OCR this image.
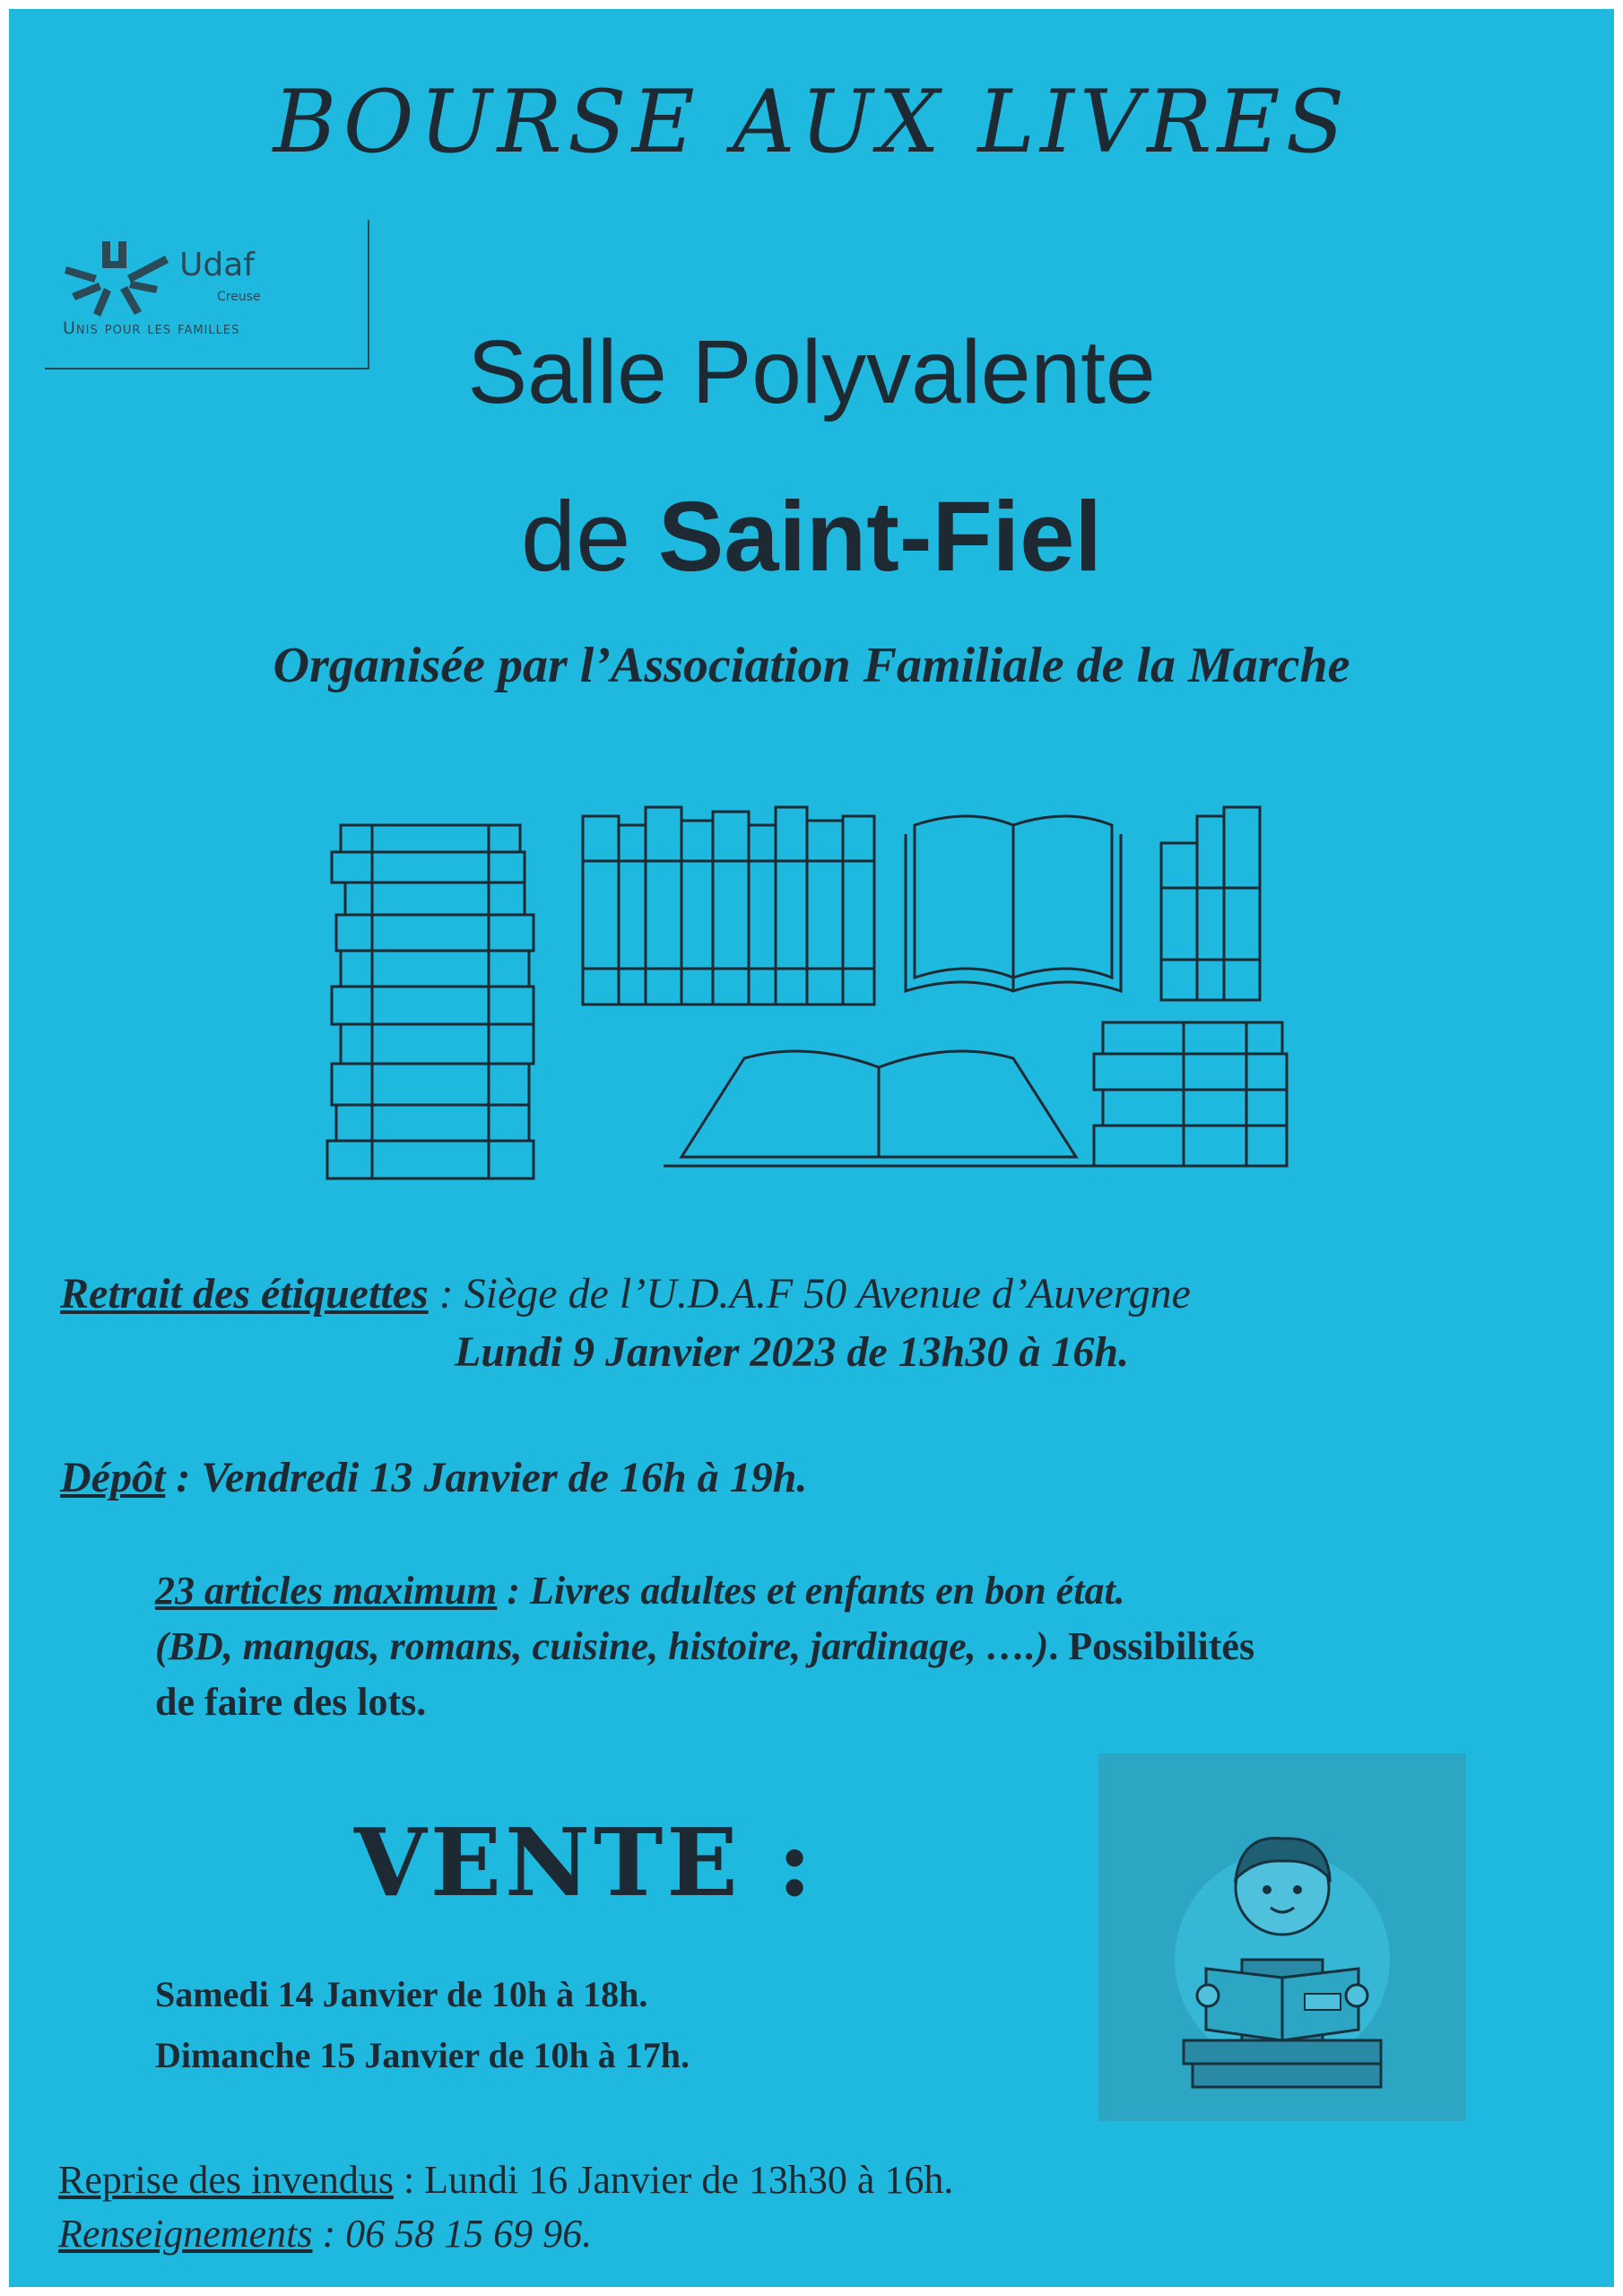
BOURSE AUX LIVRES
Udaf
Creuse
Unis pour les familles	Salle Polyvalente
de Saint-Fiel
Organisée par l’Association Familiale de la Marche
Retrait des étiquettes : Siège de l’U.D.A.F 50 Avenue d’Auvergne
Lundi 9 Janvier 2023 de 13h30 à 16h.
Dépôt : Vendredi 13 Janvier de 16h à 19h.
23 articles maximum : Livres adultes et enfants en bon état.
(BD, mangas, romans, cuisine, histoire, jardinage, ….). Possibilités
de faire des lots.
VENTE :
Samedi 14 Janvier de 10h à 18h.
Dimanche 15 Janvier de 10h à 17h.
Reprise des invendus : Lundi 16 Janvier de 13h30 à 16h.
Renseignements : 06 58 15 69 96.
